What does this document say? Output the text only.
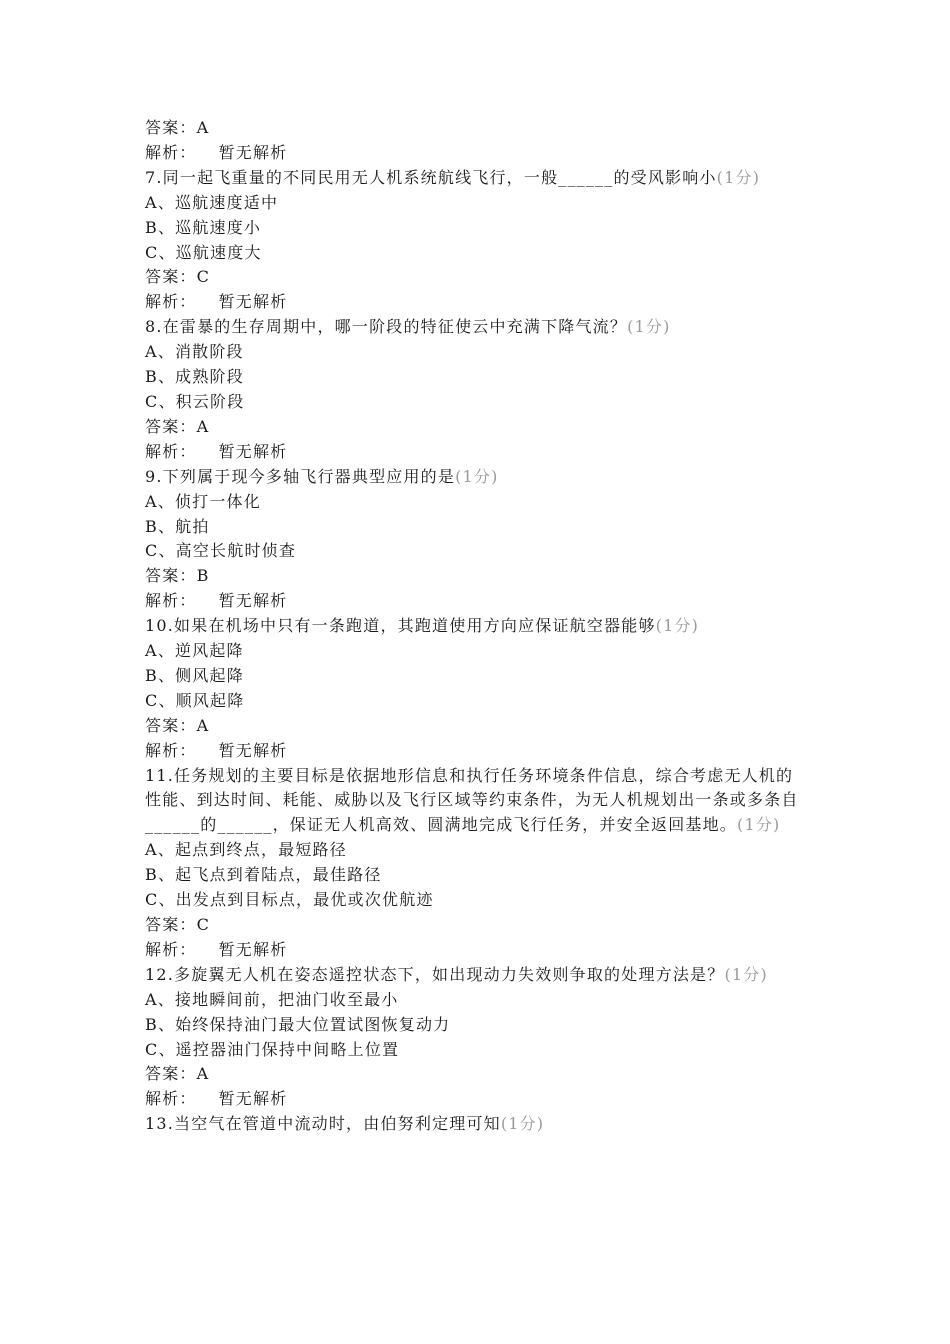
答案：A
解析： 暂无解析
7.同一起飞重量的不同民用无人机系统航线飞行，一般______的受风影响小(1分)
A、巡航速度适中
B、巡航速度小
C、巡航速度大
答案：C
解析： 暂无解析
8.在雷暴的生存周期中，哪一阶段的特征使云中充满下降气流？(1分)
A、消散阶段
B、成熟阶段
C、积云阶段
答案：A
解析： 暂无解析
9.下列属于现今多轴飞行器典型应用的是(1分)
A、侦打一体化
B、航拍
C、高空长航时侦查
答案：B
解析： 暂无解析
10.如果在机场中只有一条跑道，其跑道使用方向应保证航空器能够(1分)
A、逆风起降
B、侧风起降
C、顺风起降
答案：A
解析： 暂无解析
11.任务规划的主要目标是依据地形信息和执行任务环境条件信息，综合考虑无人机的性能、到达时间、耗能、威胁以及飞行区域等约束条件，为无人机规划出一条或多条自______的______，保证无人机高效、圆满地完成飞行任务，并安全返回基地。(1分)
A、起点到终点，最短路径
B、起飞点到着陆点，最佳路径
C、出发点到目标点，最优或次优航迹
答案：C
解析： 暂无解析
12.多旋翼无人机在姿态遥控状态下，如出现动力失效则争取的处理方法是？(1分)
A、接地瞬间前，把油门收至最小
B、始终保持油门最大位置试图恢复动力
C、遥控器油门保持中间略上位置
答案：A
解析： 暂无解析
13.当空气在管道中流动时，由伯努利定理可知(1分)
